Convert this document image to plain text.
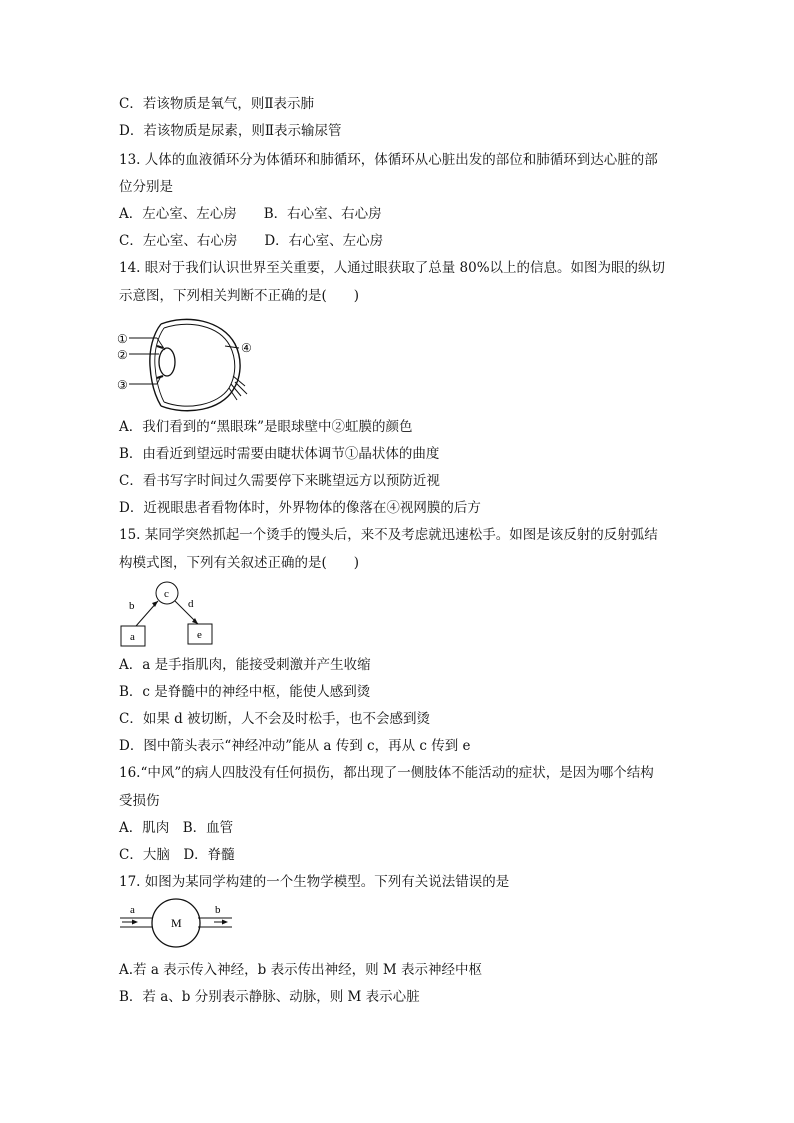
C．若该物质是氧气，则Ⅱ表示肺
D．若该物质是尿素，则Ⅱ表示输尿管
13. 人体的血液循环分为体循环和肺循环，体循环从心脏出发的部位和肺循环到达心脏的部
位分别是
A．左心室、左心房　　B．右心室、右心房
C．左心室、右心房　　D．右心室、左心房
14. 眼对于我们认识世界至关重要，人通过眼获取了总量 80%以上的信息。如图为眼的纵切
示意图，下列相关判断不正确的是(　　)
①
②
③
④
A．我们看到的“黑眼珠”是眼球壁中②虹膜的颜色
B．由看近到望远时需要由睫状体调节①晶状体的曲度
C．看书写字时间过久需要停下来眺望远方以预防近视
D．近视眼患者看物体时，外界物体的像落在④视网膜的后方
15. 某同学突然抓起一个烫手的馒头后，来不及考虑就迅速松手。如图是该反射的反射弧结
构模式图，下列有关叙述正确的是(　　)
c
b	d
a	e
A．a 是手指肌肉，能接受刺激并产生收缩
B．c 是脊髓中的神经中枢，能使人感到烫
C．如果 d 被切断，人不会及时松手，也不会感到烫
D．图中箭头表示“神经冲动”能从 a 传到 c，再从 c 传到 e
16.“中风”的病人四肢没有任何损伤，都出现了一侧肢体不能活动的症状，是因为哪个结构
受损伤
A．肌肉　B．血管
C．大脑　D．脊髓
17. 如图为某同学构建的一个生物学模型。下列有关说法错误的是
a	b
M
A.若 a 表示传入神经，b 表示传出神经，则 M 表示神经中枢
B．若 a、b 分别表示静脉、动脉，则 M 表示心脏
